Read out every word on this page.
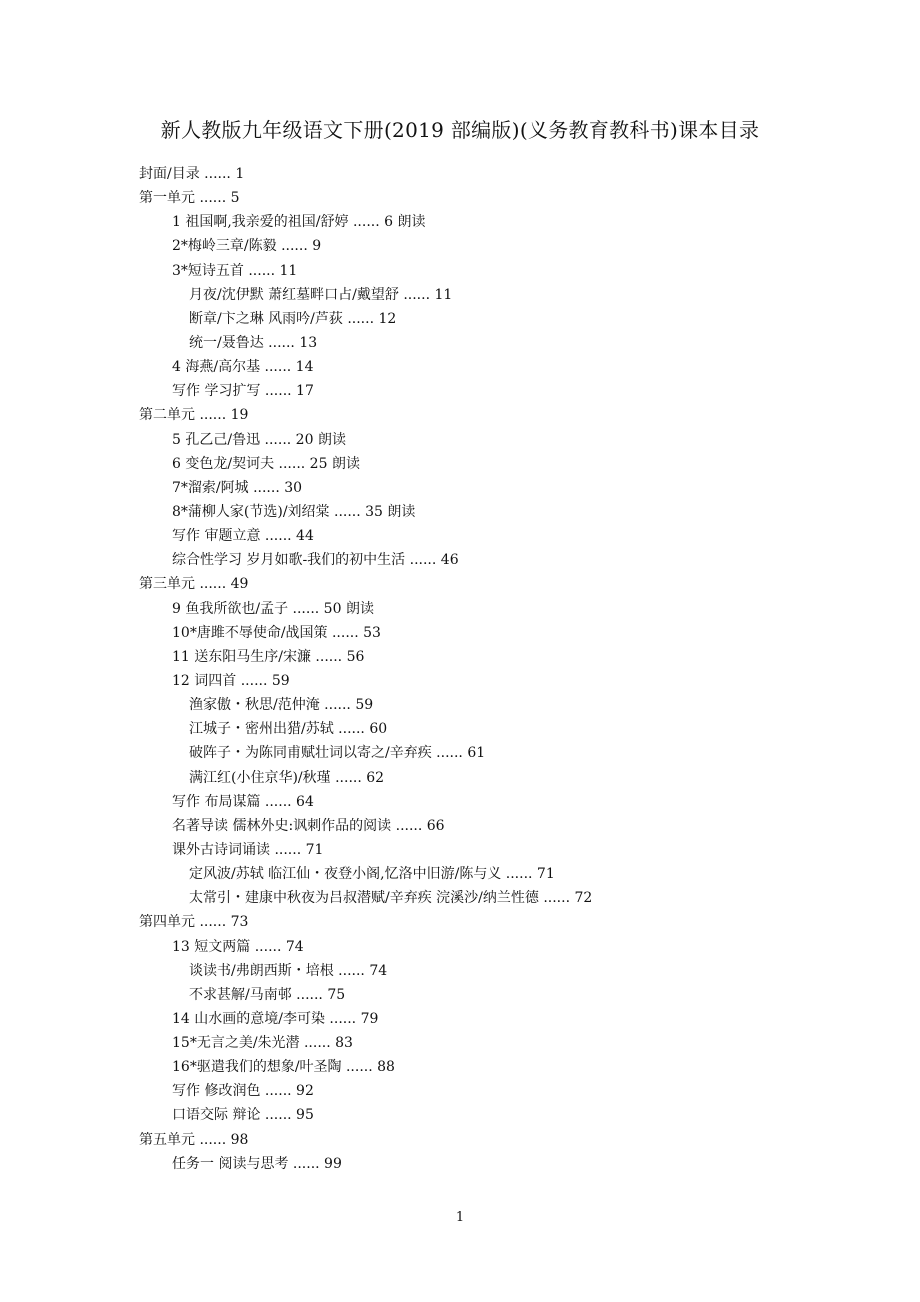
新人教版九年级语文下册(2019 部编版)(义务教育教科书)课本目录
封面/目录 ...... 1
第一单元 ...... 5
1 祖国啊,我亲爱的祖国/舒婷 ...... 6 朗读
2*梅岭三章/陈毅 ...... 9
3*短诗五首 ...... 11
月夜/沈伊默 萧红墓畔口占/戴望舒 ...... 11
断章/卞之琳 风雨吟/芦荻 ...... 12
统一/聂鲁达 ...... 13
4 海燕/高尔基 ...... 14
写作 学习扩写 ...... 17
第二单元 ...... 19
5 孔乙己/鲁迅 ...... 20 朗读
6 变色龙/契诃夫 ...... 25 朗读
7*溜索/阿城 ...... 30
8*蒲柳人家(节选)/刘绍棠 ...... 35 朗读
写作 审题立意 ...... 44
综合性学习 岁月如歌-我们的初中生活 ...... 46
第三单元 ...... 49
9 鱼我所欲也/孟子 ...... 50 朗读
10*唐雎不辱使命/战国策 ...... 53
11 送东阳马生序/宋濂 ...... 56
12 词四首 ...... 59
渔家傲・秋思/范仲淹 ...... 59
江城子・密州出猎/苏轼 ...... 60
破阵子・为陈同甫赋壮词以寄之/辛弃疾 ...... 61
满江红(小住京华)/秋瑾 ...... 62
写作 布局谋篇 ...... 64
名著导读 儒林外史:讽刺作品的阅读 ...... 66
课外古诗词诵读 ...... 71
定风波/苏轼 临江仙・夜登小阁,忆洛中旧游/陈与义 ...... 71
太常引・建康中秋夜为吕叔潜赋/辛弃疾 浣溪沙/纳兰性德 ...... 72
第四单元 ...... 73
13 短文两篇 ...... 74
谈读书/弗朗西斯・培根 ...... 74
不求甚解/马南邨 ...... 75
14 山水画的意境/李可染 ...... 79
15*无言之美/朱光潜 ...... 83
16*驱遣我们的想象/叶圣陶 ...... 88
写作 修改润色 ...... 92
口语交际 辩论 ...... 95
第五单元 ...... 98
任务一 阅读与思考 ...... 99
1
